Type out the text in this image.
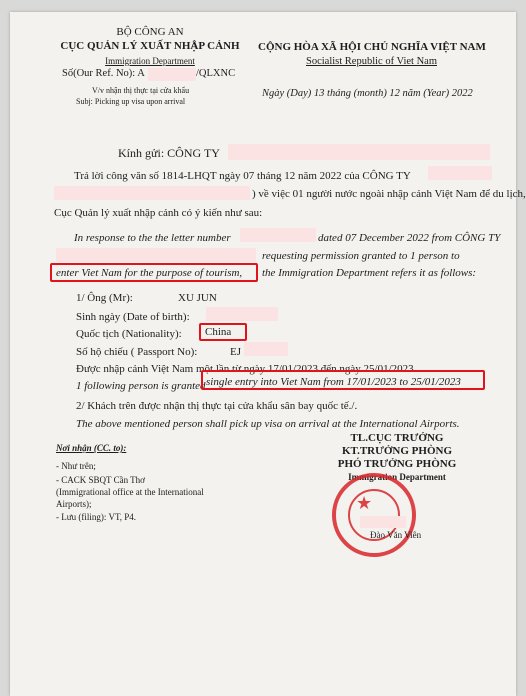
BỘ CÔNG AN
CỤC QUẢN LÝ XUẤT NHẬP CẢNH
Immigration Department
Số(Our Ref. No): A	/QLXNC
V/v nhận thị thực tại cửa khẩu
Subj: Picking up visa upon arrival
CỘNG HÒA XÃ HỘI CHỦ NGHĨA VIỆT NAM
Socialist Republic of Viet Nam
Ngày (Day) 13 tháng (month) 12 năm (Year) 2022
Kính gửi: CÔNG TY
Trả lời công văn số 1814-LHQT ngày 07 tháng 12 năm 2022 của CÔNG TY
) về việc 01 người nước ngoài nhập cảnh Việt Nam để du lịch,
Cục Quản lý xuất nhập cảnh có ý kiến như sau:
In response to the the letter number	dated 07 December 2022 from CÔNG TY
requesting permission granted to 1 person to
enter Viet Nam for the purpose of tourism, the Immigration Department refers it as follows:
1/ Ông (Mr):	XU JUN
Sinh ngày (Date of birth):
Quốc tịch (Nationality): China
Số hộ chiếu ( Passport No):	EJ
Được nhập cảnh Việt Nam một lần từ ngày 17/01/2023 đến ngày 25/01/2023
1 following person is granted single entry into Viet Nam from 17/01/2023 to 25/01/2023
2/ Khách trên được nhận thị thực tại cửa khẩu sân bay quốc tế./.
The above mentioned person shall pick up visa on arrival at the International Airports.
Nơi nhận (CC. to):
- Như trên;
- CACK SBQT Cần Thơ
(Immigrational office at the International
Airports);
- Lưu (filing): VT, P4.
TL.CỤC TRƯỞNG
KT.TRƯỞNG PHÒNG
PHÓ TRƯỞNG PHÒNG
Immigration Department
★
Đào Văn Viên
